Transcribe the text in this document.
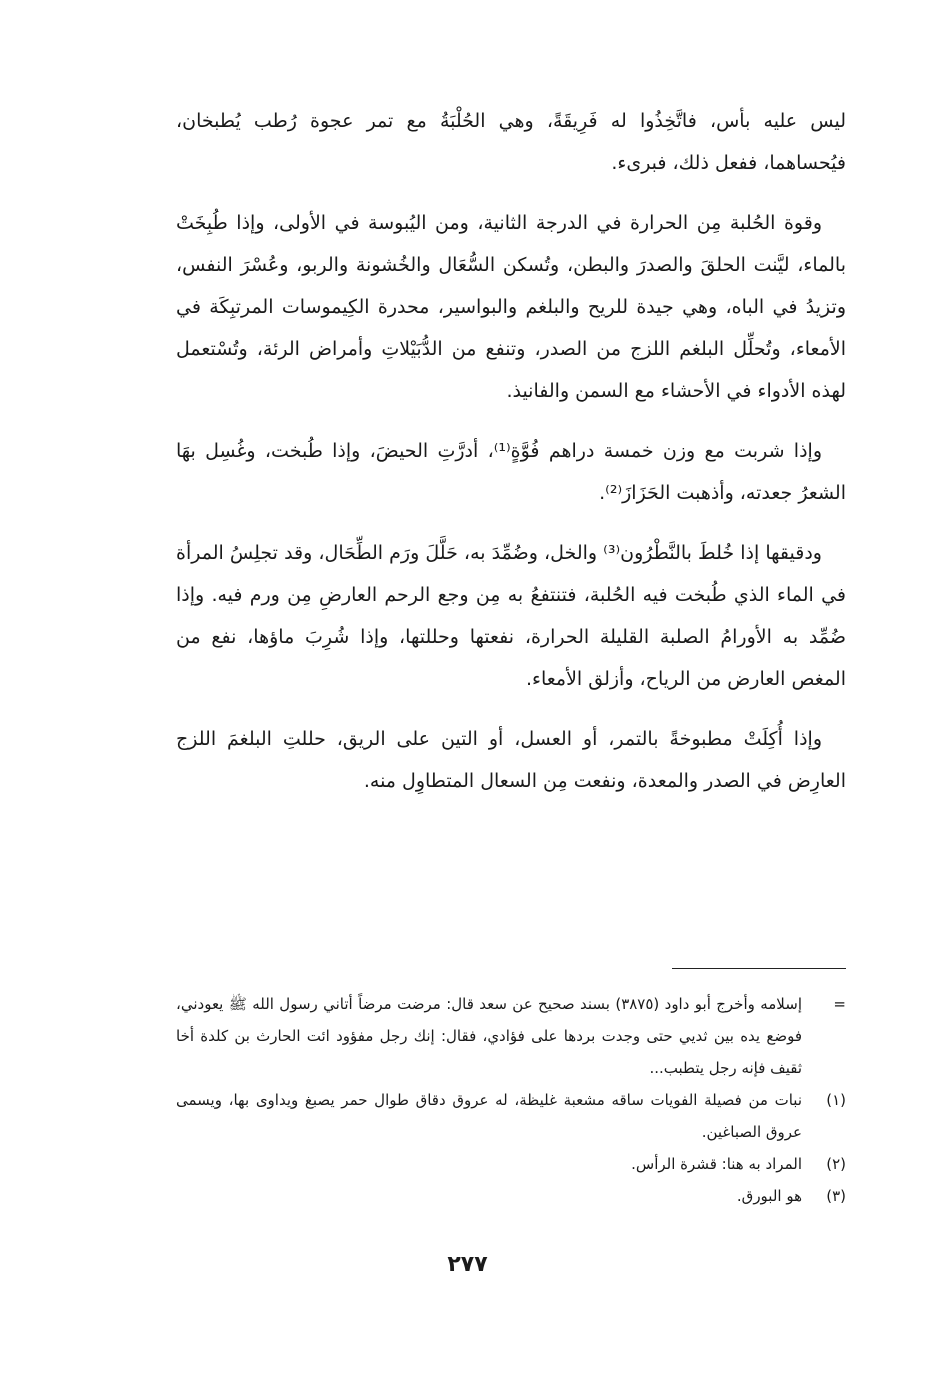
ليس عليه بأس، فاتَّخِذُوا له فَرِيقَةً، وهي الحُلْبَةُ مع تمر عجوة رُطب يُطبخان، فيُحساهما، ففعل ذلك، فبرىء.

وقوة الحُلبة مِن الحرارة في الدرجة الثانية، ومن اليُبوسة في الأولى، وإذا طُبِخَتْ بالماء، ليَّنت الحلقَ والصدرَ والبطن، وتُسكن السُّعَال والخُشونة والربو، وعُسْرَ النفس، وتزيدُ في الباه، وهي جيدة للريح والبلغم والبواسير، محدرة الكِيموسات المرتبِكَة في الأمعاء، وتُحلِّل البلغم اللزج من الصدر، وتنفع من الدُّبَيْلاتِ وأمراض الرئة، وتُسْتعمل لهذه الأدواء في الأحشاء مع السمن والفانيذ.

وإذا شربت مع وزن خمسة دراهم فُوَّةٍ⁽¹⁾، أدرَّتِ الحيضَ، وإذا طُبخت، وغُسِل بهَا الشعرُ جعدته، وأذهبت الحَزَازَ⁽²⁾.

ودقيقها إذا خُلطَ بالنَّطْرُون⁽³⁾ والخل، وضُمِّدَ به، حَلَّلَ ورَم الطِّحَال، وقد تجلِسُ المرأة في الماء الذي طُبخت فيه الحُلبة، فتنتفعُ به مِن وجع الرحم العارضِ مِن ورم فيه. وإذا ضُمِّد به الأورامُ الصلبة القليلة الحرارة، نفعتها وحللتها، وإذا شُرِبَ ماؤها، نفع من المغص العارض من الرياح، وأزلق الأمعاء.

وإذا أُكِلَتْ مطبوخةً بالتمر، أو العسل، أو التين على الريق، حللتِ البلغمَ اللزج العارِض في الصدر والمعدة، ونفعت مِن السعال المتطاوِل منه.

=
إسلامه وأخرج أبو داود (٣٨٧٥) بسند صحيح عن سعد قال: مرضت مرضاً أتاني رسول الله ﷺ يعودني، فوضع يده بين ثديي حتى وجدت بردها على فؤادي، فقال: إنك رجل مفؤود ائت الحارث بن كلدة أخا ثقيف فإنه رجل يتطبب...
(١)
نبات من فصيلة الفويات ساقه مشعبة غليظة، له عروق دقاق طوال حمر يصبغ ويداوى بها، ويسمى عروق الصباغين.
(٢)
المراد به هنا: قشرة الرأس.
(٣)
هو البورق.
٢٧٧
